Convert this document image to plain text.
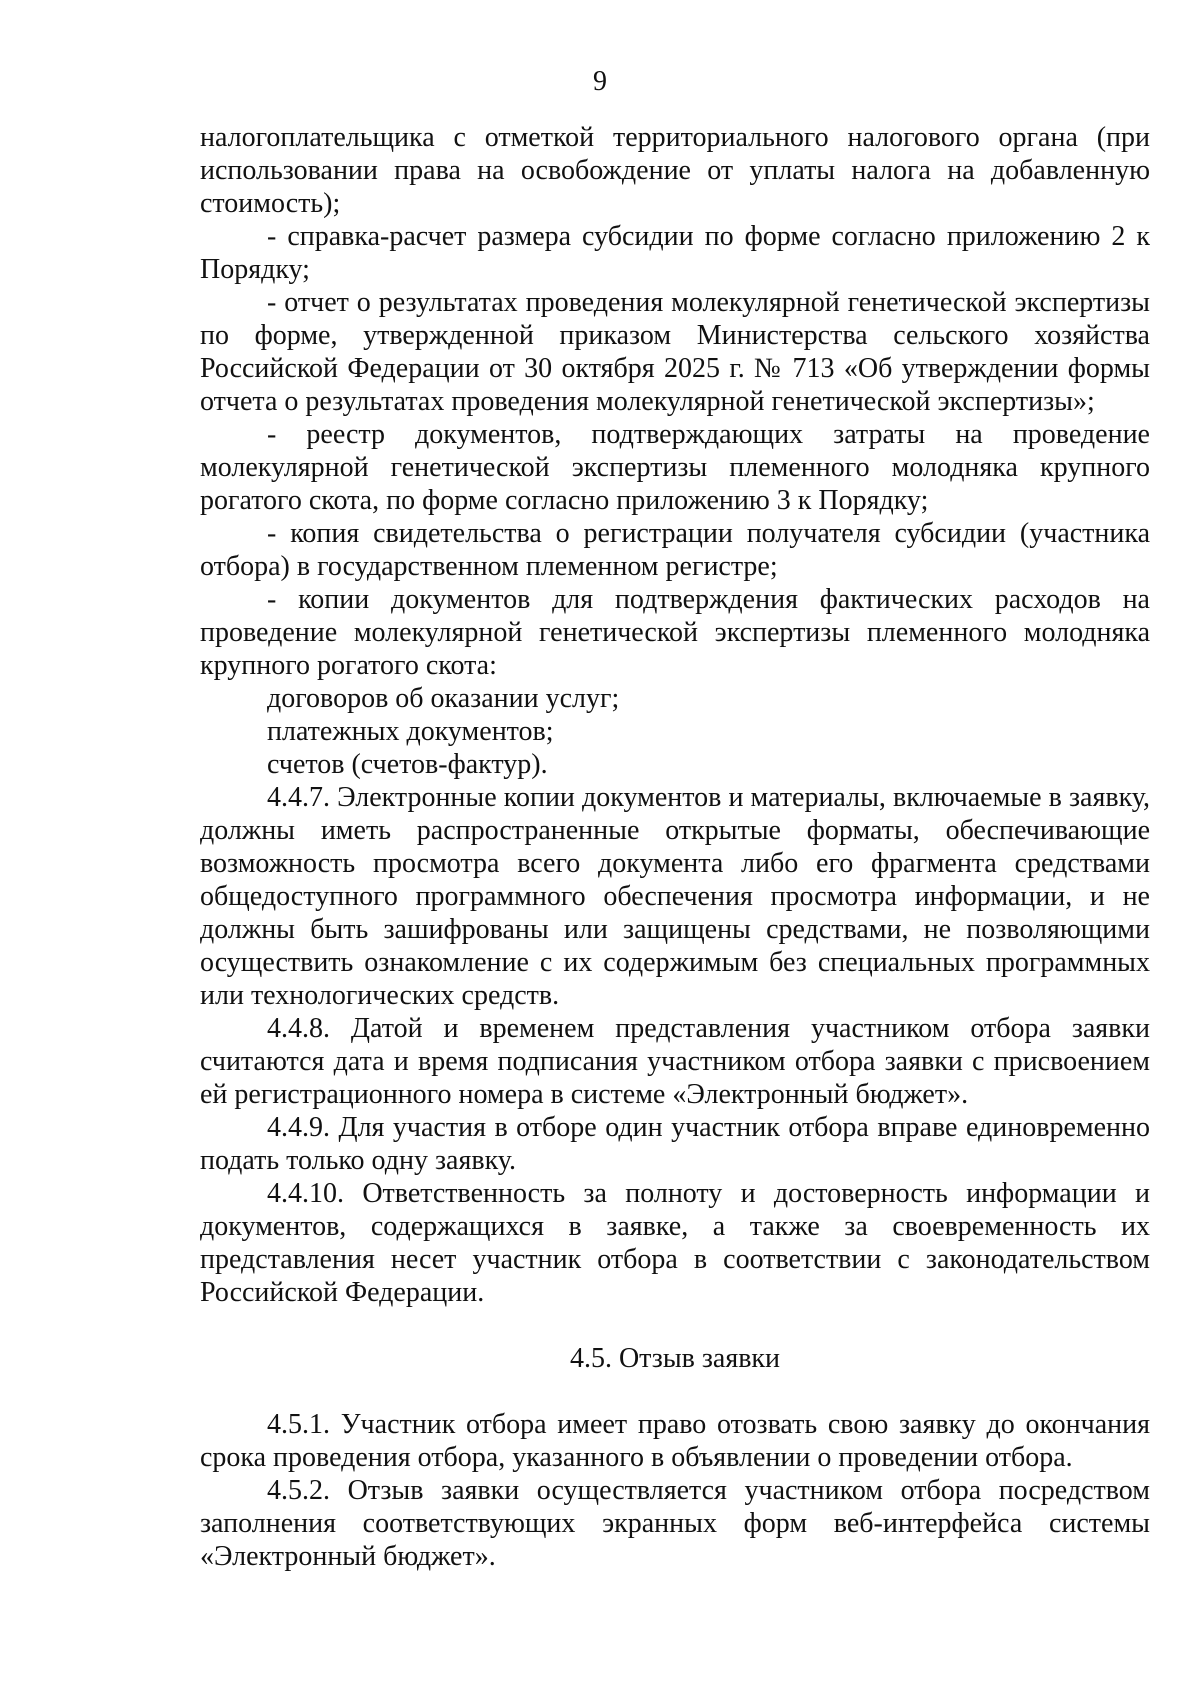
9

налогоплательщика с отметкой территориального налогового органа (при использовании права на освобождение от уплаты налога на добавленную стоимость);

- справка-расчет размера субсидии по форме согласно приложению 2 к Порядку;

- отчет о результатах проведения молекулярной генетической экспертизы по форме, утвержденной приказом Министерства сельского хозяйства Российской Федерации от 30 октября 2025 г. № 713 «Об утверждении формы отчета о результатах проведения молекулярной генетической экспертизы»;

- реестр документов, подтверждающих затраты на проведение молекулярной генетической экспертизы племенного молодняка крупного рогатого скота, по форме согласно приложению 3 к Порядку;

- копия свидетельства о регистрации получателя субсидии (участника отбора) в государственном племенном регистре;

- копии документов для подтверждения фактических расходов на проведение молекулярной генетической экспертизы племенного молодняка крупного рогатого скота:

договоров об оказании услуг;

платежных документов;

счетов (счетов-фактур).

4.4.7. Электронные копии документов и материалы, включаемые в заявку, должны иметь распространенные открытые форматы, обеспечивающие возможность просмотра всего документа либо его фрагмента средствами общедоступного программного обеспечения просмотра информации, и не должны быть зашифрованы или защищены средствами, не позволяющими осуществить ознакомление с их содержимым без специальных программных или технологических средств.

4.4.8. Датой и временем представления участником отбора заявки считаются дата и время подписания участником отбора заявки с присвоением ей регистрационного номера в системе «Электронный бюджет».

4.4.9. Для участия в отборе один участник отбора вправе единовременно подать только одну заявку.

4.4.10. Ответственность за полноту и достоверность информации и документов, содержащихся в заявке, а также за своевременность их представления несет участник отбора в соответствии с законодательством Российской Федерации.

4.5. Отзыв заявки

4.5.1. Участник отбора имеет право отозвать свою заявку до окончания срока проведения отбора, указанного в объявлении о проведении отбора.

4.5.2. Отзыв заявки осуществляется участником отбора посредством заполнения соответствующих экранных форм веб-интерфейса системы «Электронный бюджет».
